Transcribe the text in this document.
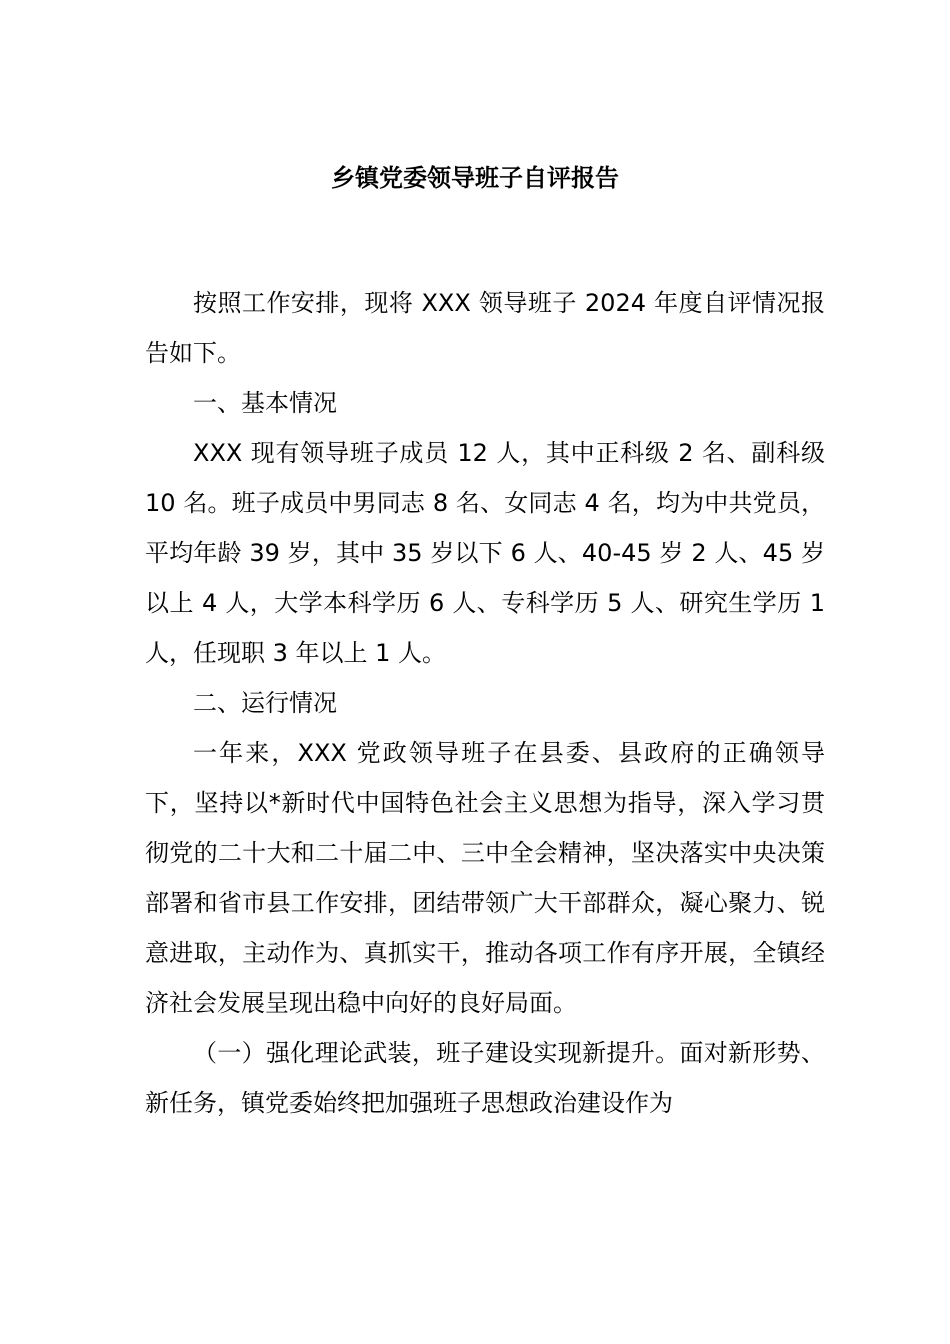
乡镇党委领导班子自评报告

按照工作安排，现将 XXX 领导班子 2024 年度自评情况报告如下。

一、基本情况

XXX 现有领导班子成员 12 人，其中正科级 2 名、副科级 10 名。班子成员中男同志 8 名、女同志 4 名，均为中共党员，平均年龄 39 岁，其中 35 岁以下 6 人、40-45 岁 2 人、45 岁以上 4 人，大学本科学历 6 人、专科学历 5 人、研究生学历 1 人，任现职 3 年以上 1 人。

二、运行情况

一年来，XXX 党政领导班子在县委、县政府的正确领导下，坚持以*新时代中国特色社会主义思想为指导，深入学习贯彻党的二十大和二十届二中、三中全会精神，坚决落实中央决策部署和省市县工作安排，团结带领广大干部群众，凝心聚力、锐意进取，主动作为、真抓实干，推动各项工作有序开展，全镇经济社会发展呈现出稳中向好的良好局面。

（一）强化理论武装，班子建设实现新提升。面对新形势、新任务，镇党委始终把加强班子思想政治建设作为
